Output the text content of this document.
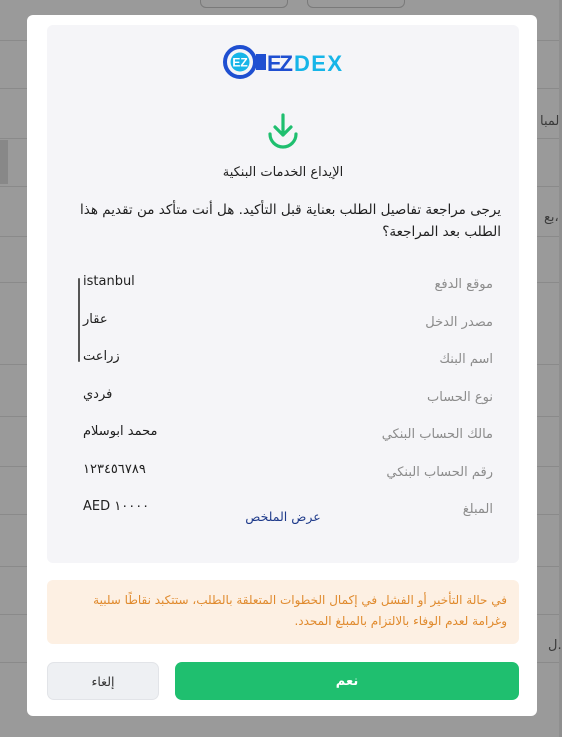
لمبا
بع،
ل.
EZ EZ DEX
الإيداع الخدمات البنكية
يرجى مراجعة تفاصيل الطلب بعناية قبل التأكيد. هل أنت متأكد من تقديم هذا الطلب بعد المراجعة؟
موقع الدفع
istanbul
مصدر الدخل
عقار
اسم البنك
زراعت
نوع الحساب
فردي
مالك الحساب البنكي
محمد ابوسلام
رقم الحساب البنكي
١٢٣٤٥٦٧٨٩
المبلغ
AED ١٠٠٠٠
عرض الملخص
في حالة التأخير أو الفشل في إكمال الخطوات المتعلقة بالطلب، ستتكبد نقاطًا سلبية وغرامة لعدم الوفاء بالالتزام بالمبلغ المحدد.
نعم
إلغاء
